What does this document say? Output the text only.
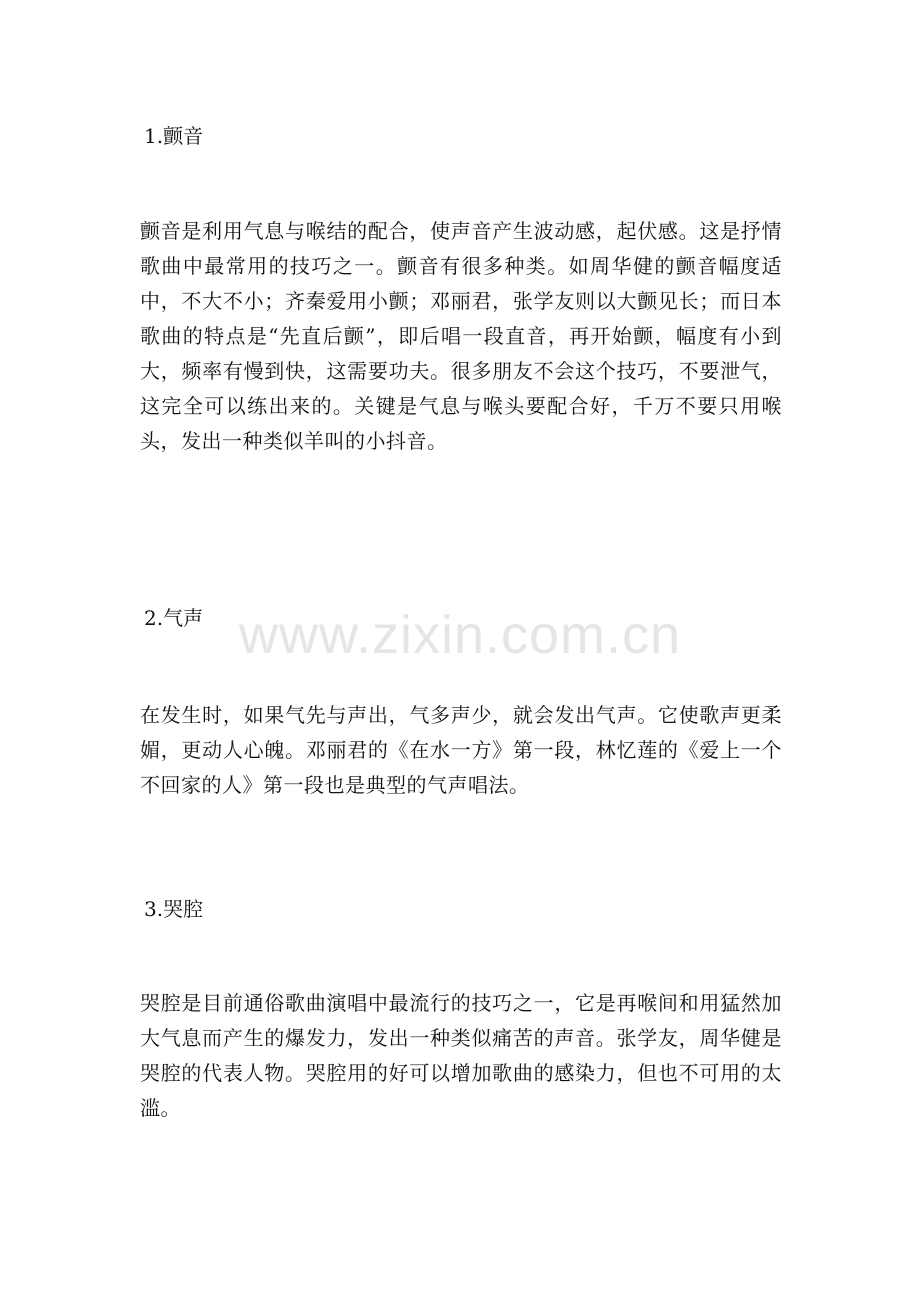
1.颤音

颤音是利用气息与喉结的配合，使声音产生波动感，起伏感。这是抒情歌曲中最常用的技巧之一。颤音有很多种类。如周华健的颤音幅度适中，不大不小；齐秦爱用小颤；邓丽君，张学友则以大颤见长；而日本歌曲的特点是“先直后颤”，即后唱一段直音，再开始颤，幅度有小到大，频率有慢到快，这需要功夫。很多朋友不会这个技巧，不要泄气，这完全可以练出来的。关键是气息与喉头要配合好，千万不要只用喉头，发出一种类似羊叫的小抖音。

2.气声

在发生时，如果气先与声出，气多声少，就会发出气声。它使歌声更柔媚，更动人心魄。邓丽君的《在水一方》第一段，林忆莲的《爱上一个不回家的人》第一段也是典型的气声唱法。

3.哭腔

哭腔是目前通俗歌曲演唱中最流行的技巧之一，它是再喉间和用猛然加大气息而产生的爆发力，发出一种类似痛苦的声音。张学友，周华健是哭腔的代表人物。哭腔用的好可以增加歌曲的感染力，但也不可用的太滥。

www.zixin.com.cn
